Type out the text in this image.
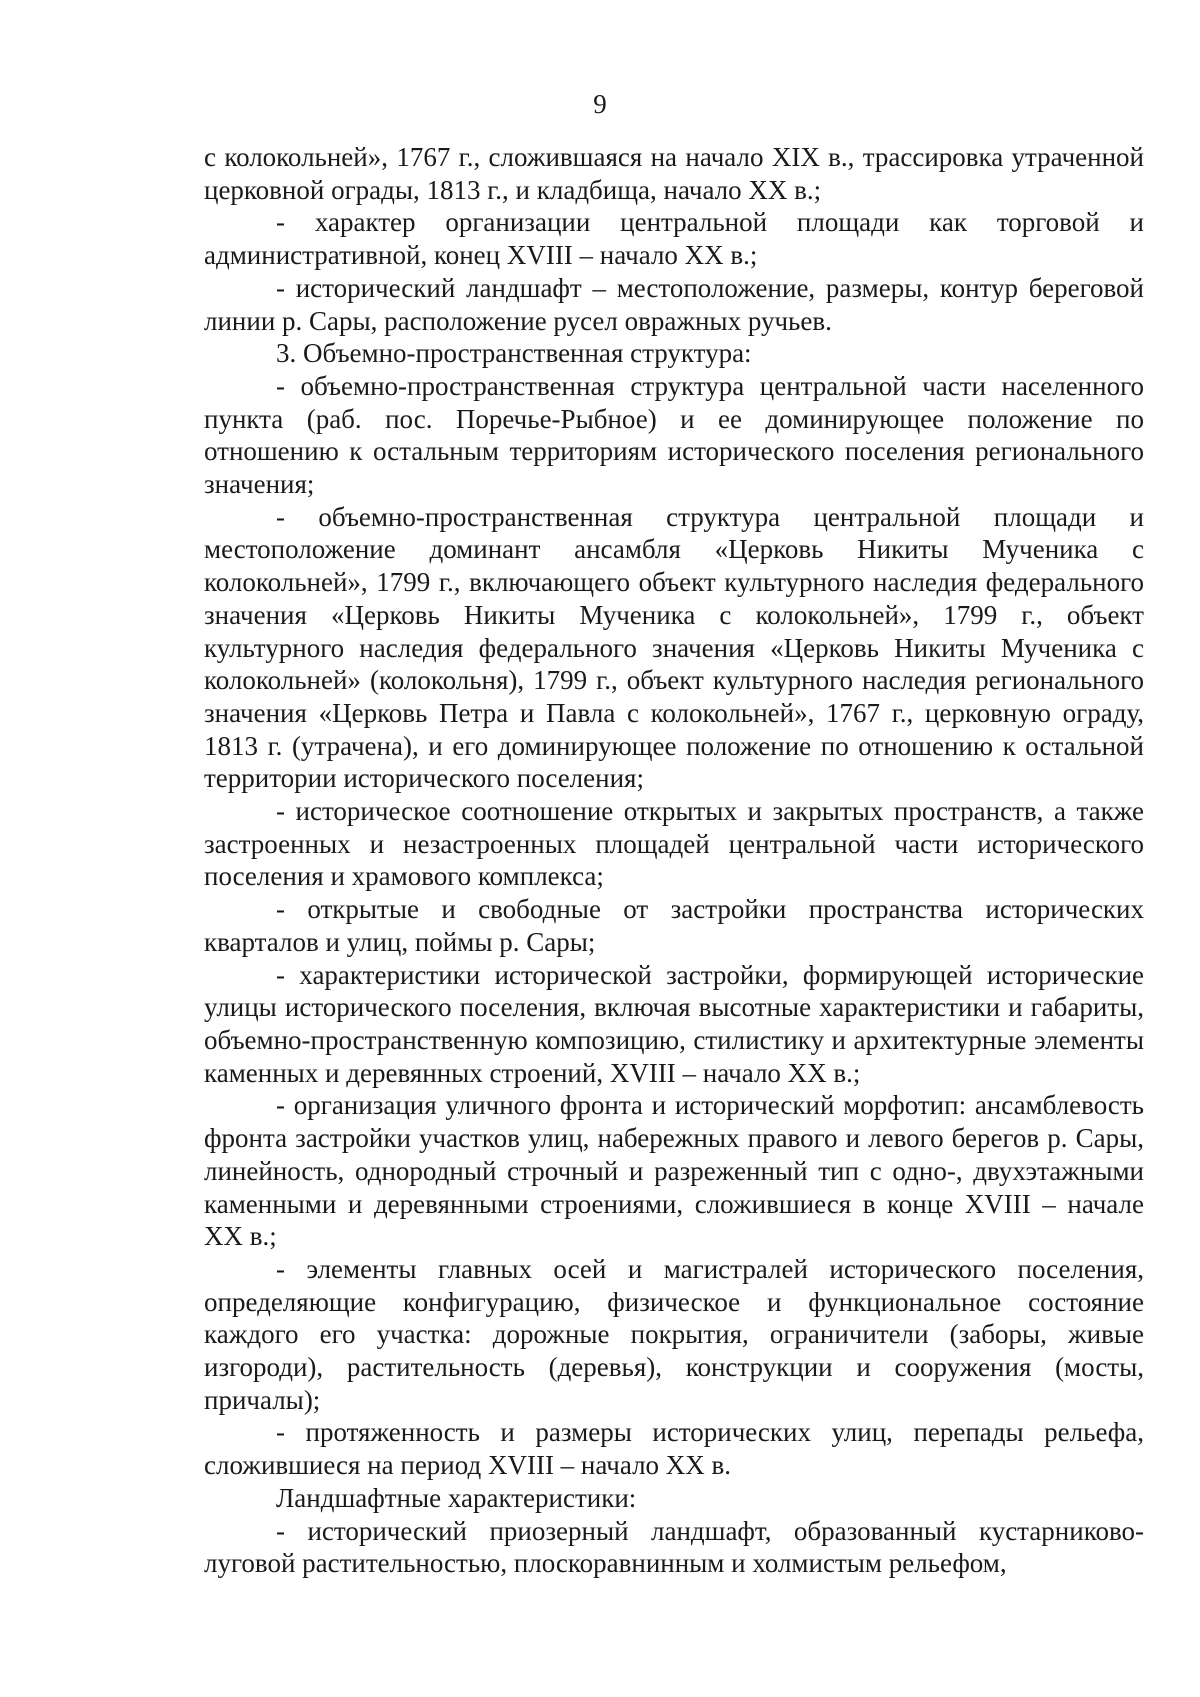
9

с колокольней», 1767 г., сложившаяся на начало XIX в., трассировка утраченной церковной ограды, 1813 г., и кладбища, начало XX в.;

- характер организации центральной площади как торговой и административной, конец XVIII – начало XX в.;

- исторический ландшафт – местоположение, размеры, контур береговой линии р. Сары, расположение русел овражных ручьев.

3. Объемно-пространственная структура:

- объемно-пространственная структура центральной части населенного пункта (раб. пос. Поречье-Рыбное) и ее доминирующее положение по отношению к остальным территориям исторического поселения регионального значения;

- объемно-пространственная структура центральной площади и местоположение доминант ансамбля «Церковь Никиты Мученика с колокольней», 1799 г., включающего объект культурного наследия федерального значения «Церковь Никиты Мученика с колокольней», 1799 г., объект культурного наследия федерального значения «Церковь Никиты Мученика с колокольней» (колокольня), 1799 г., объект культурного наследия регионального значения «Церковь Петра и Павла с колокольней», 1767 г., церковную ограду, 1813 г. (утрачена), и его доминирующее положение по отношению к остальной территории исторического поселения;

- историческое соотношение открытых и закрытых пространств, а также застроенных и незастроенных площадей центральной части исторического поселения и храмового комплекса;

- открытые и свободные от застройки пространства исторических кварталов и улиц, поймы р. Сары;

- характеристики исторической застройки, формирующей исторические улицы исторического поселения, включая высотные характеристики и габариты, объемно-пространственную композицию, стилистику и архитектурные элементы каменных и деревянных строений, XVIII – начало XX в.;

- организация уличного фронта и исторический морфотип: ансамблевость фронта застройки участков улиц, набережных правого и левого берегов р. Сары, линейность, однородный строчный и разреженный тип с одно-, двухэтажными каменными и деревянными строениями, сложившиеся в конце XVIII – начале XX в.;

- элементы главных осей и магистралей исторического поселения, определяющие конфигурацию, физическое и функциональное состояние каждого его участка: дорожные покрытия, ограничители (заборы, живые изгороди), растительность (деревья), конструкции и сооружения (мосты, причалы);

- протяженность и размеры исторических улиц, перепады рельефа, сложившиеся на период XVIII – начало XX в.

Ландшафтные характеристики:

- исторический приозерный ландшафт, образованный кустарниково-луговой растительностью, плоскоравнинным и холмистым рельефом,
